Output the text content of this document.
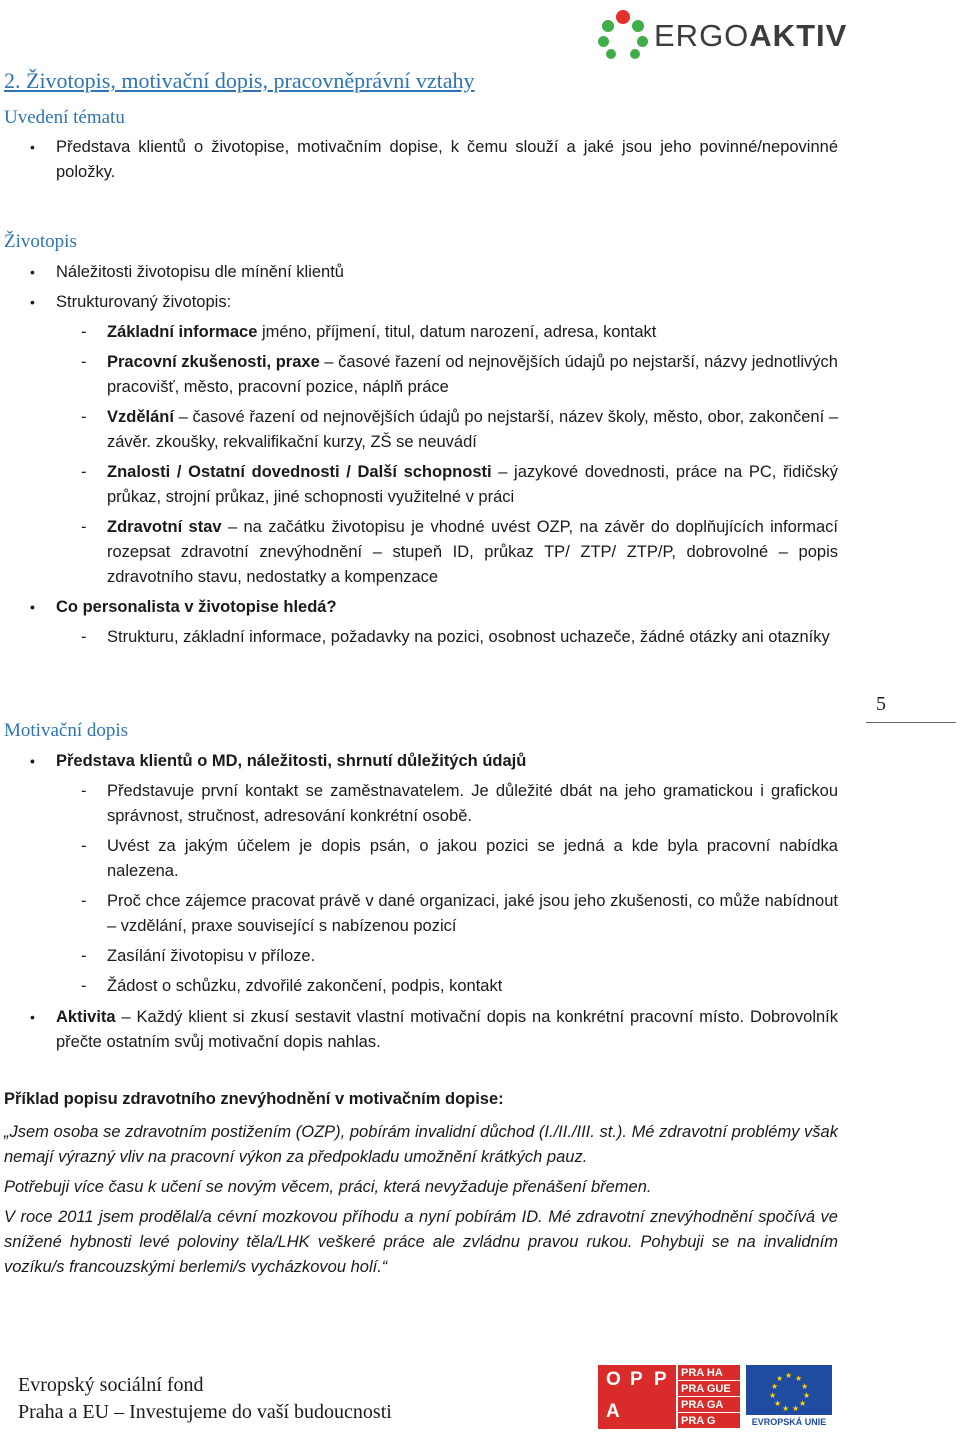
ERGOAKTIV
2. Životopis, motivační dopis, pracovněprávní vztahy
Uvedení tématu
• Představa klientů o životopise, motivačním dopise, k čemu slouží a jaké jsou jeho povinné/nepovinné položky.
Životopis
• Náležitosti životopisu dle mínění klientů
• Strukturovaný životopis:
- Základní informace jméno, příjmení, titul, datum narození, adresa, kontakt
- Pracovní zkušenosti, praxe – časové řazení od nejnovějších údajů po nejstarší, názvy jednotlivých pracovišť, město, pracovní pozice, náplň práce
- Vzdělání – časové řazení od nejnovějších údajů po nejstarší, název školy, město, obor, zakončení – závěr. zkoušky, rekvalifikační kurzy, ZŠ se neuvádí
- Znalosti / Ostatní dovednosti / Další schopnosti – jazykové dovednosti, práce na PC, řidičský průkaz, strojní průkaz, jiné schopnosti využitelné v práci
- Zdravotní stav – na začátku životopisu je vhodné uvést OZP, na závěr do doplňujících informací rozepsat zdravotní znevýhodnění – stupeň ID, průkaz TP/ ZTP/ ZTP/P, dobrovolné – popis zdravotního stavu, nedostatky a kompenzace
• Co personalista v životopise hledá?
- Strukturu, základní informace, požadavky na pozici, osobnost uchazeče, žádné otázky ani otazníky
5
Motivační dopis
• Představa klientů o MD, náležitosti, shrnutí důležitých údajů
- Představuje první kontakt se zaměstnavatelem. Je důležité dbát na jeho gramatickou i grafickou správnost, stručnost, adresování konkrétní osobě.
- Uvést za jakým účelem je dopis psán, o jakou pozici se jedná a kde byla pracovní nabídka nalezena.
- Proč chce zájemce pracovat právě v dané organizaci, jaké jsou jeho zkušenosti, co může nabídnout – vzdělání, praxe související s nabízenou pozicí
- Zasílání životopisu v příloze.
- Žádost o schůzku, zdvořilé zakončení, podpis, kontakt
• Aktivita – Každý klient si zkusí sestavit vlastní motivační dopis na konkrétní pracovní místo. Dobrovolník přečte ostatním svůj motivační dopis nahlas.
Příklad popisu zdravotního znevýhodnění v motivačním dopise:
„Jsem osoba se zdravotním postižením (OZP), pobírám invalidní důchod (I./II./III. st.). Mé zdravotní problémy však nemají výrazný vliv na pracovní výkon za předpokladu umožnění krátkých pauz.
Potřebuji více času k učení se novým věcem, práci, která nevyžaduje přenášení břemen.
V roce 2011 jsem prodělal/a cévní mozkovou příhodu a nyní pobírám ID. Mé zdravotní znevýhodnění spočívá ve snížené hybnosti levé poloviny těla/LHK veškeré práce ale zvládnu pravou rukou. Pohybuji se na invalidním vozíku/s francouzskými berlemi/s vycházkovou holí.“
Evropský sociální fond
Praha a EU – Investujeme do vaší budoucnosti
O P P
A
PRA HA
PRA GUE
PRA GA
PRA G
★ ★
★
★
★
★
★
★
★
★
★
EVROPSKÁ UNIE
